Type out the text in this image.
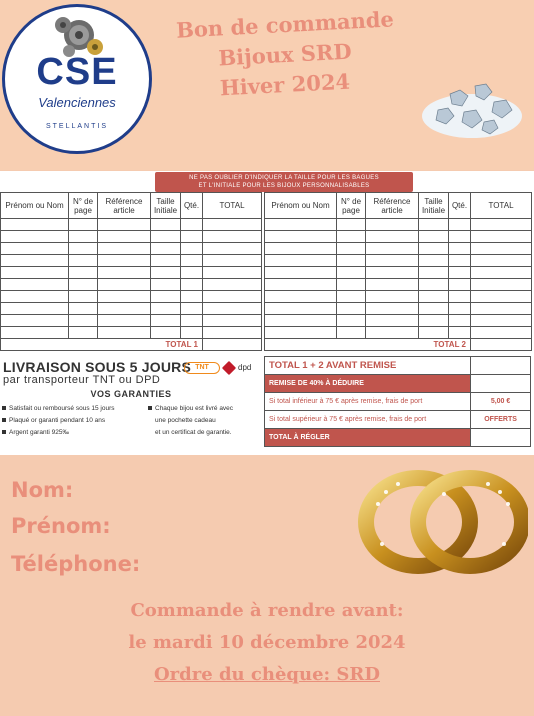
CSE
Valenciennes
STELLANTIS
Bon de commande
Bijoux SRD
Hiver 2024
NE PAS OUBLIER D'INDIQUER LA TAILLE POUR LES BAGUES
ET L'INITIALE POUR LES BIJOUX PERSONNALISABLES
Prénom ou Nom	N° de page	Référence article	Taille Initiale	Qté.	TOTAL

TOTAL 1					
Prénom ou Nom	N° de page	Référence article	Taille Initiale	Qté.	TOTAL

TOTAL 2					
LIVRAISON SOUS 5 JOURS
par transporteur TNT ou DPD
TNT	dpd
VOS GARANTIES
Satisfait ou remboursé sous 15 jours
Plaqué or garanti pendant 10 ans
Argent garanti 925‰
Chaque bijou est livré avec
une pochette cadeau
et un certificat de garantie.
TOTAL 1 + 2 AVANT REMISE	
REMISE DE 40% À DÉDUIRE	
Si total inférieur à 75 € après remise, frais de port	5,00 €
Si total supérieur à 75 € après remise, frais de port	OFFERTS
TOTAL À RÉGLER	
Nom:
Prénom:
Téléphone:
Commande à rendre avant:
le mardi 10 décembre 2024
Ordre du chèque: SRD
